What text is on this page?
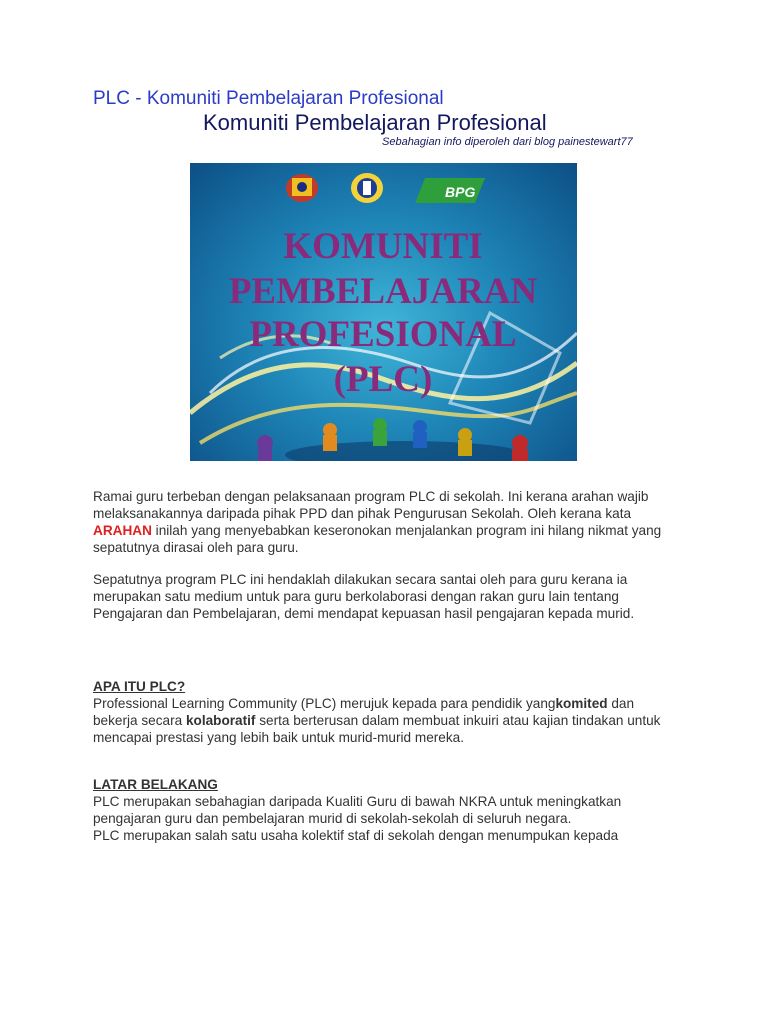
PLC - Komuniti Pembelajaran Profesional
Komuniti Pembelajaran Profesional
Sebahagian info diperoleh dari blog painestewart77
BPG
KOMUNITI
PEMBELAJARAN
PROFESIONAL
(PLC)

Ramai guru terbeban dengan pelaksanaan program PLC di sekolah. Ini kerana arahan wajib melaksanakannya daripada pihak PPD dan pihak Pengurusan Sekolah. Oleh kerana kata ARAHAN inilah yang menyebabkan keseronokan menjalankan program ini hilang nikmat yang sepatutnya dirasai oleh para guru.

Sepatutnya program PLC ini hendaklah dilakukan secara santai oleh para guru kerana ia merupakan satu medium untuk para guru berkolaborasi dengan rakan guru lain tentang Pengajaran dan Pembelajaran, demi mendapat kepuasan hasil pengajaran kepada murid.

APA ITU PLC?

Professional Learning Community (PLC) merujuk kepada para pendidik yangkomited dan bekerja secara kolaboratif serta berterusan dalam membuat inkuiri atau kajian tindakan untuk mencapai prestasi yang lebih baik untuk murid-murid mereka.

LATAR BELAKANG

PLC merupakan sebahagian daripada Kualiti Guru di bawah NKRA untuk meningkatkan pengajaran guru dan pembelajaran murid di sekolah-sekolah di seluruh negara.

PLC merupakan salah satu usaha kolektif staf di sekolah dengan menumpukan kepada
